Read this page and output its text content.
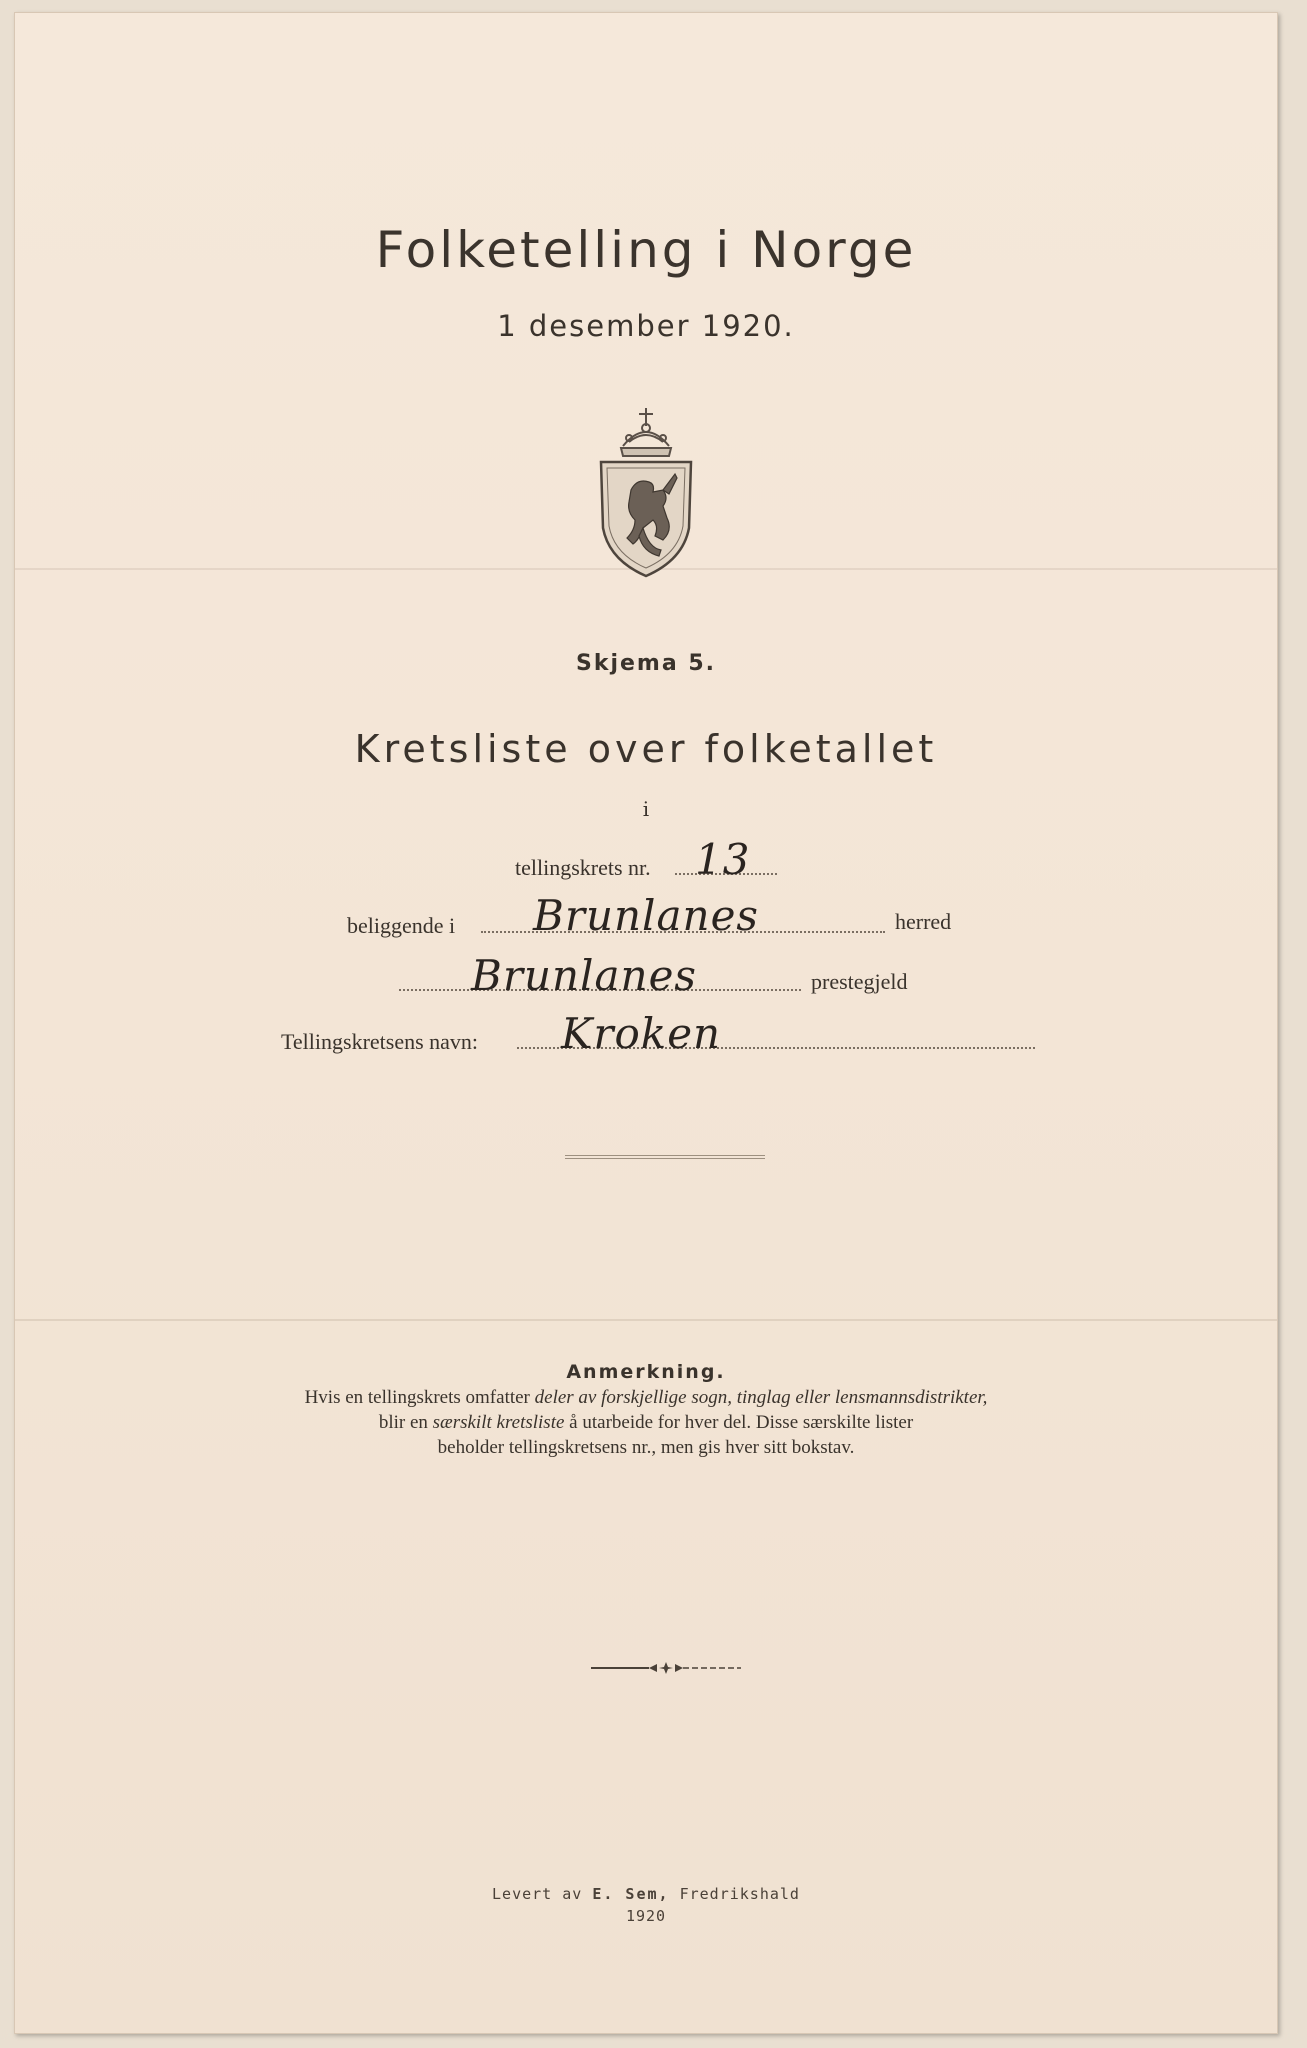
Folketelling i Norge
1 desember 1920.
Skjema 5.
Kretsliste over folketallet
i
tellingskrets nr. 13
beliggende i Brunlanes	herred
Brunlanes	prestegjeld
Tellingskretsens navn: Kroken
Anmerkning.
Hvis en tellingskrets omfatter deler av forskjellige sogn, tinglag eller lensmannsdistrikter,
blir en særskilt kretsliste å utarbeide for hver del. Disse særskilte lister
beholder tellingskretsens nr., men gis hver sitt bokstav.
Levert av E. Sem, Fredrikshald
1920
